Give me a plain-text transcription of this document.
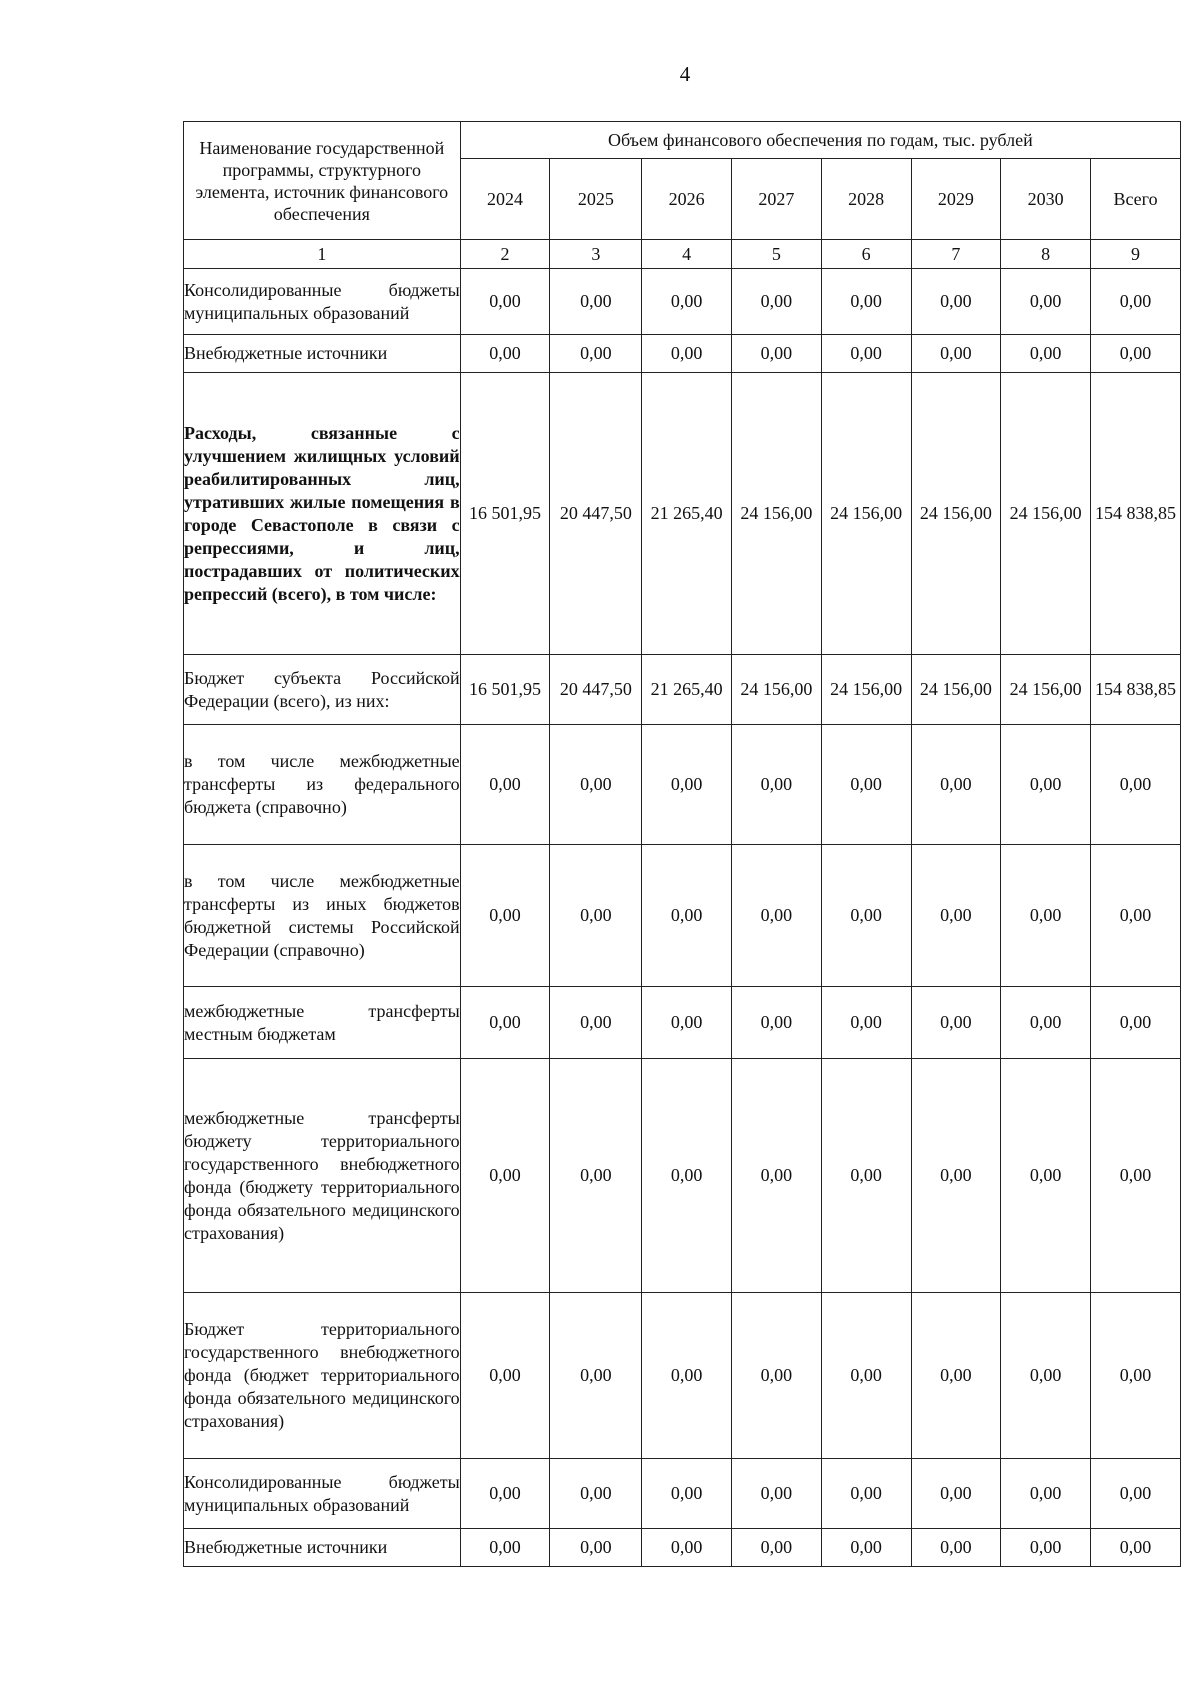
4
Наименование государственной программы, структурного элемента, источник финансового обеспечения	Объем финансового обеспечения по годам, тыс. рублей							
	2024	2025	2026	2027	2028	2029	2030	Всего
1	2	3	4	5	6	7	8	9
Консолидированные бюджеты муниципальных образований	0,00	0,00	0,00	0,00	0,00	0,00	0,00	0,00
Внебюджетные источники	0,00	0,00	0,00	0,00	0,00	0,00	0,00	0,00
Расходы, связанные с улучшением жилищных условий реабилитированных лиц, утративших жилые помещения в городе Севастополе в связи с репрессиями, и лиц, пострадавших от политических репрессий (всего), в том числе:	16 501,95	20 447,50	21 265,40	24 156,00	24 156,00	24 156,00	24 156,00	154 838,85
Бюджет субъекта Российской Федерации (всего), из них:	16 501,95	20 447,50	21 265,40	24 156,00	24 156,00	24 156,00	24 156,00	154 838,85
в том числе межбюджетные трансферты из федерального бюджета (справочно)	0,00	0,00	0,00	0,00	0,00	0,00	0,00	0,00
в том числе межбюджетные трансферты из иных бюджетов бюджетной системы Российской Федерации (справочно)	0,00	0,00	0,00	0,00	0,00	0,00	0,00	0,00
межбюджетные трансферты местным бюджетам	0,00	0,00	0,00	0,00	0,00	0,00	0,00	0,00
межбюджетные трансферты бюджету территориального государственного внебюджетного фонда (бюджету территориального фонда обязательного медицинского страхования)	0,00	0,00	0,00	0,00	0,00	0,00	0,00	0,00
Бюджет территориального государственного внебюджетного фонда (бюджет территориального фонда обязательного медицинского страхования)	0,00	0,00	0,00	0,00	0,00	0,00	0,00	0,00
Консолидированные бюджеты муниципальных образований	0,00	0,00	0,00	0,00	0,00	0,00	0,00	0,00
Внебюджетные источники	0,00	0,00	0,00	0,00	0,00	0,00	0,00	0,00
